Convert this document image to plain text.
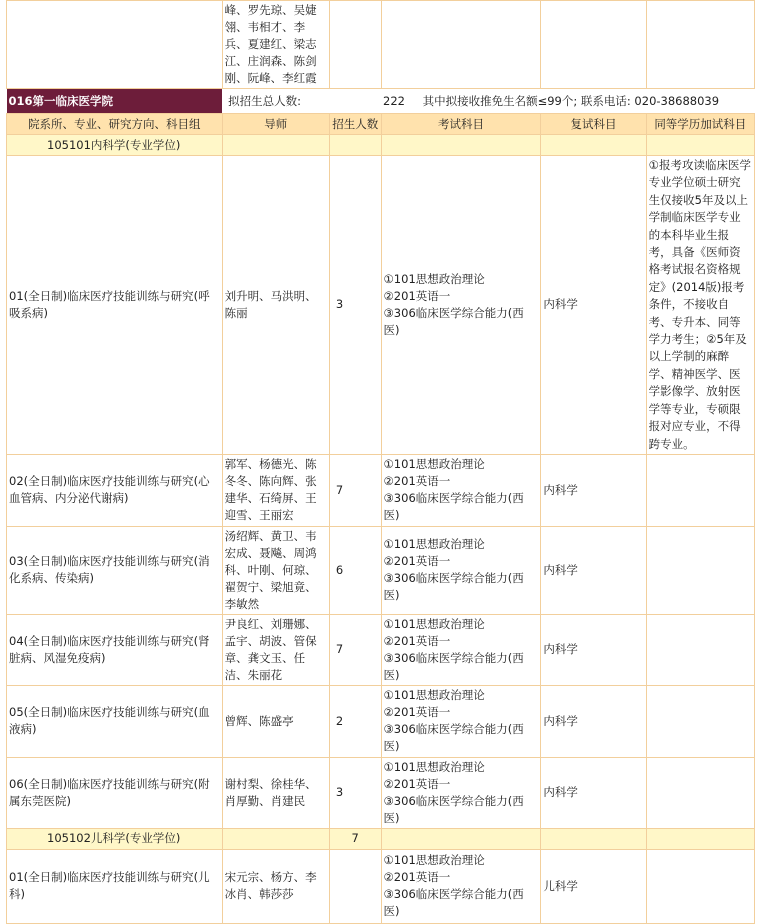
	峰、罗先琼、吴婕翎、韦相才、李兵、夏建红、梁志江、庄润森、陈剑刚、阮峰、李红霞				
016第一临床医学院	拟招生总人数:		222 其中拟接收推免生名额≤99个; 联系电话: 020-38688039		
院系所、专业、研究方向、科目组	导师	招生人数	考试科目	复试科目	同等学历加试科目
105101内科学(专业学位)					
01(全日制)临床医疗技能训练与研究(呼吸系病)	刘升明、马洪明、陈丽	3	①101思想政治理论
②201英语一
③306临床医学综合能力(西医)	内科学	①报考攻读临床医学专业学位硕士研究生仅接收5年及以上学制临床医学专业的本科毕业生报考，具备《医师资格考试报名资格规定》(2014版)报考条件，不接收自考、专升本、同等学力考生；②5年及以上学制的麻醉学、精神医学、医学影像学、放射医学等专业，专硕限报对应专业，不得跨专业。
02(全日制)临床医疗技能训练与研究(心血管病、内分泌代谢病)	郭军、杨德光、陈冬冬、陈向辉、张建华、石绮屏、王迎雪、王丽宏	7	①101思想政治理论
②201英语一
③306临床医学综合能力(西医)	内科学	
03(全日制)临床医疗技能训练与研究(消化系病、传染病)	汤绍辉、黄卫、韦宏成、聂飚、周鸿科、叶刚、何琼、翟贺宁、梁旭竟、李敏然	6	①101思想政治理论
②201英语一
③306临床医学综合能力(西医)	内科学	
04(全日制)临床医疗技能训练与研究(肾脏病、风湿免疫病)	尹良红、刘珊娜、孟宇、胡波、管保章、龚文玉、任洁、朱丽花	7	①101思想政治理论
②201英语一
③306临床医学综合能力(西医)	内科学	
05(全日制)临床医疗技能训练与研究(血液病)	曾辉、陈盛亭	2	①101思想政治理论
②201英语一
③306临床医学综合能力(西医)	内科学	
06(全日制)临床医疗技能训练与研究(附属东莞医院)	谢村梨、徐桂华、肖厚勤、肖建民	3	①101思想政治理论
②201英语一
③306临床医学综合能力(西医)	内科学	
105102儿科学(专业学位)		7			
01(全日制)临床医疗技能训练与研究(儿科)	宋元宗、杨方、李冰肖、韩莎莎		①101思想政治理论
②201英语一
③306临床医学综合能力(西医)	儿科学	
